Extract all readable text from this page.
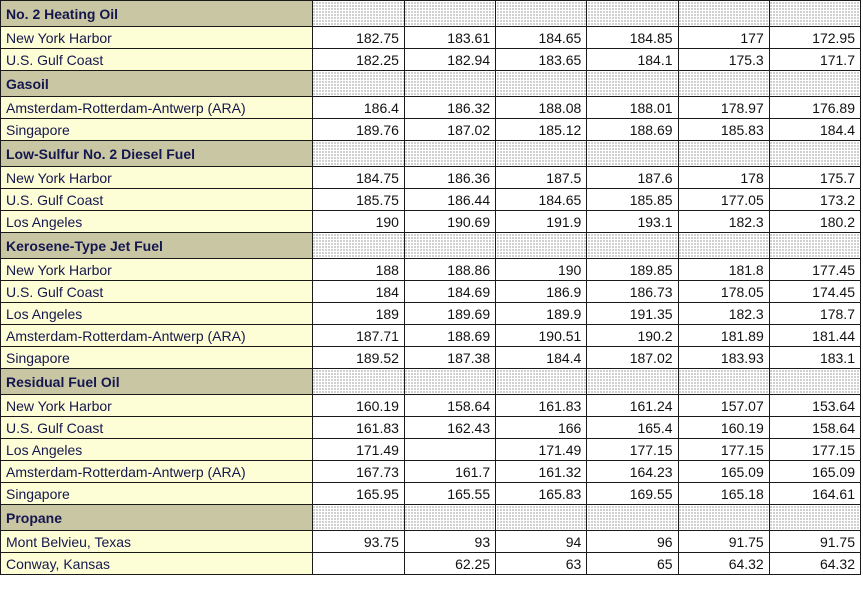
No. 2 Heating Oil						
New York Harbor	182.75	183.61	184.65	184.85	177	172.95
U.S. Gulf Coast	182.25	182.94	183.65	184.1	175.3	171.7
Gasoil						
Amsterdam-Rotterdam-Antwerp (ARA)	186.4	186.32	188.08	188.01	178.97	176.89
Singapore	189.76	187.02	185.12	188.69	185.83	184.4
Low-Sulfur No. 2 Diesel Fuel						
New York Harbor	184.75	186.36	187.5	187.6	178	175.7
U.S. Gulf Coast	185.75	186.44	184.65	185.85	177.05	173.2
Los Angeles	190	190.69	191.9	193.1	182.3	180.2
Kerosene-Type Jet Fuel						
New York Harbor	188	188.86	190	189.85	181.8	177.45
U.S. Gulf Coast	184	184.69	186.9	186.73	178.05	174.45
Los Angeles	189	189.69	189.9	191.35	182.3	178.7
Amsterdam-Rotterdam-Antwerp (ARA)	187.71	188.69	190.51	190.2	181.89	181.44
Singapore	189.52	187.38	184.4	187.02	183.93	183.1
Residual Fuel Oil						
New York Harbor	160.19	158.64	161.83	161.24	157.07	153.64
U.S. Gulf Coast	161.83	162.43	166	165.4	160.19	158.64
Los Angeles	171.49		171.49	177.15	177.15	177.15
Amsterdam-Rotterdam-Antwerp (ARA)	167.73	161.7	161.32	164.23	165.09	165.09
Singapore	165.95	165.55	165.83	169.55	165.18	164.61
Propane						
Mont Belvieu, Texas	93.75	93	94	96	91.75	91.75
Conway, Kansas		62.25	63	65	64.32	64.32
